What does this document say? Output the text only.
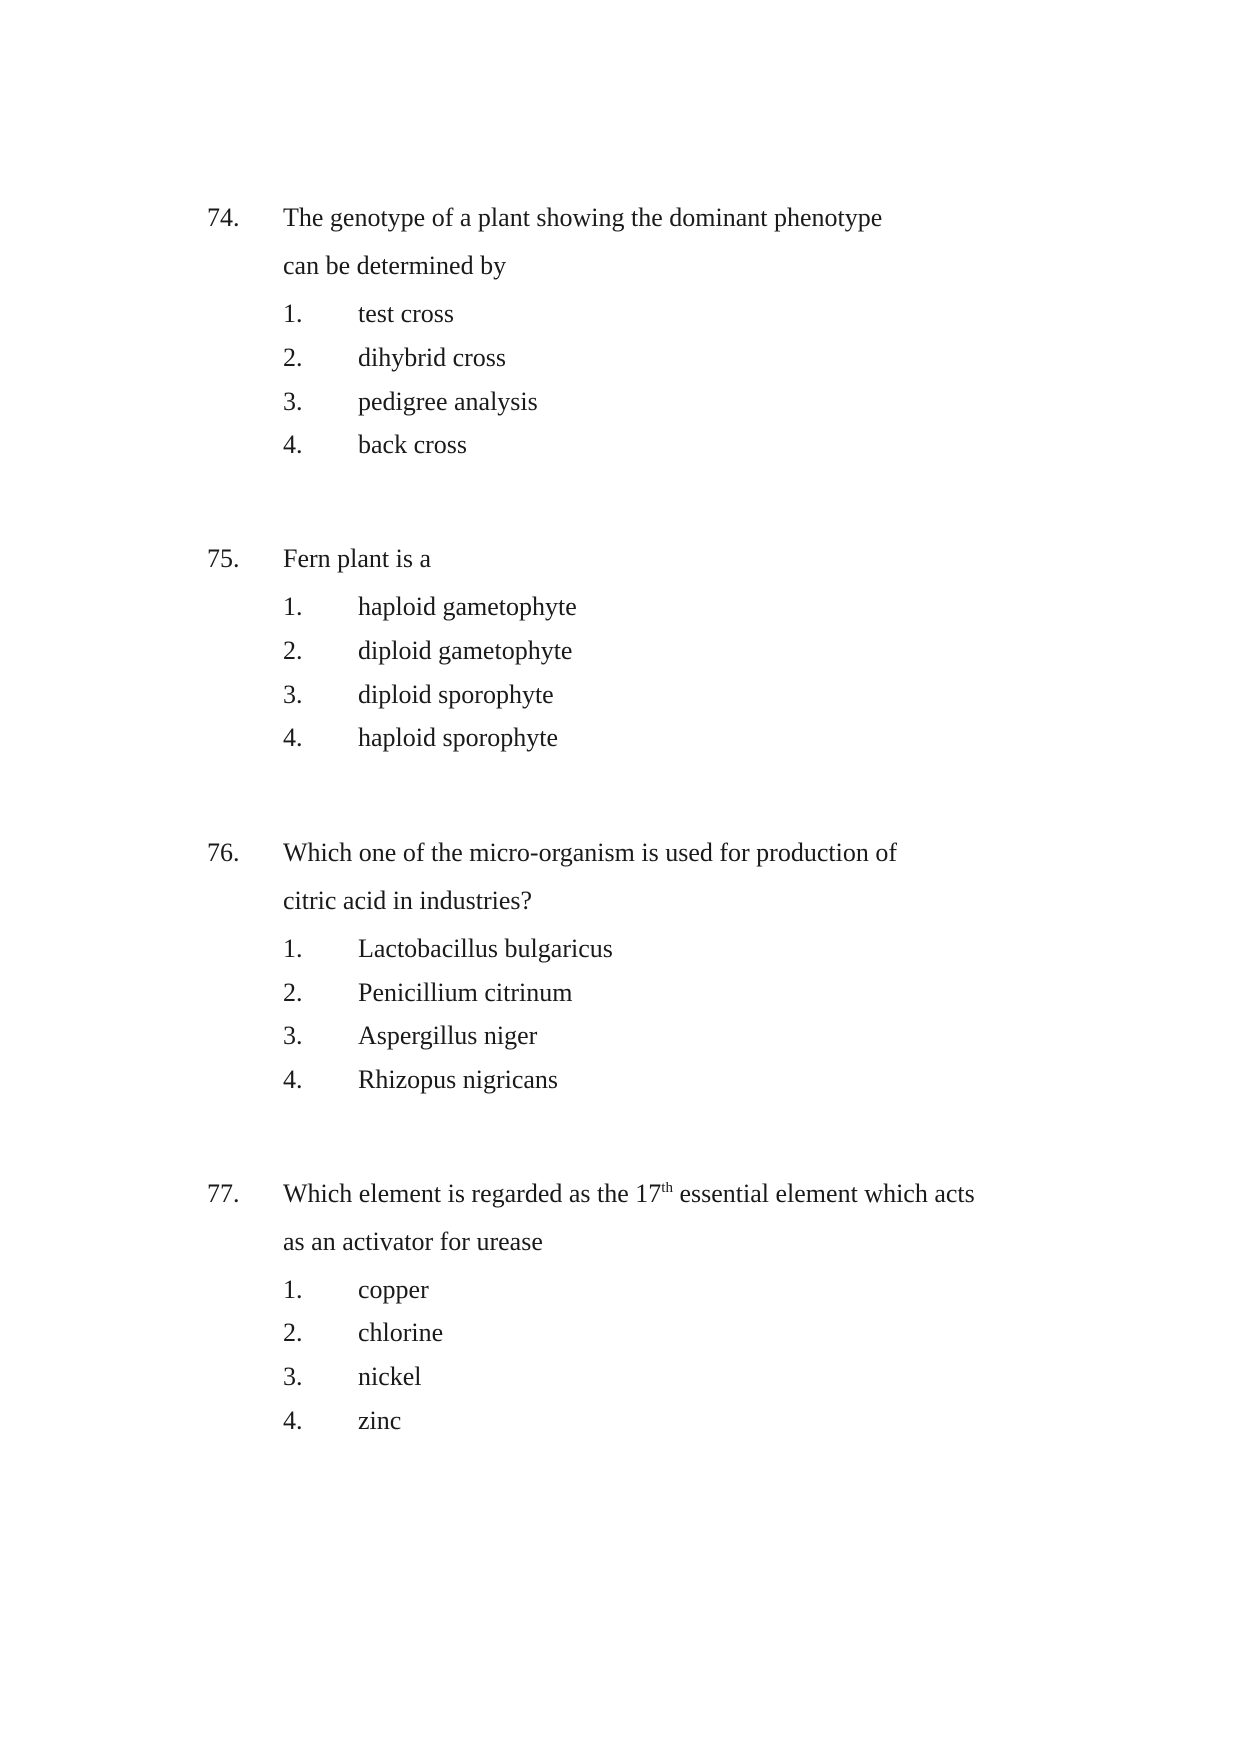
74. The genotype of a plant showing the dominant phenotype
can be determined by
1. test cross
2. dihybrid cross
3. pedigree analysis
4. back cross
75. Fern plant is a
1. haploid gametophyte
2. diploid gametophyte
3. diploid sporophyte
4. haploid sporophyte
76. Which one of the micro-organism is used for production of
citric acid in industries?
1. Lactobacillus bulgaricus
2. Penicillium citrinum
3. Aspergillus niger
4. Rhizopus nigricans
77. Which element is regarded as the 17th essential element which acts
as an activator for urease
1. copper
2. chlorine
3. nickel
4. zinc
